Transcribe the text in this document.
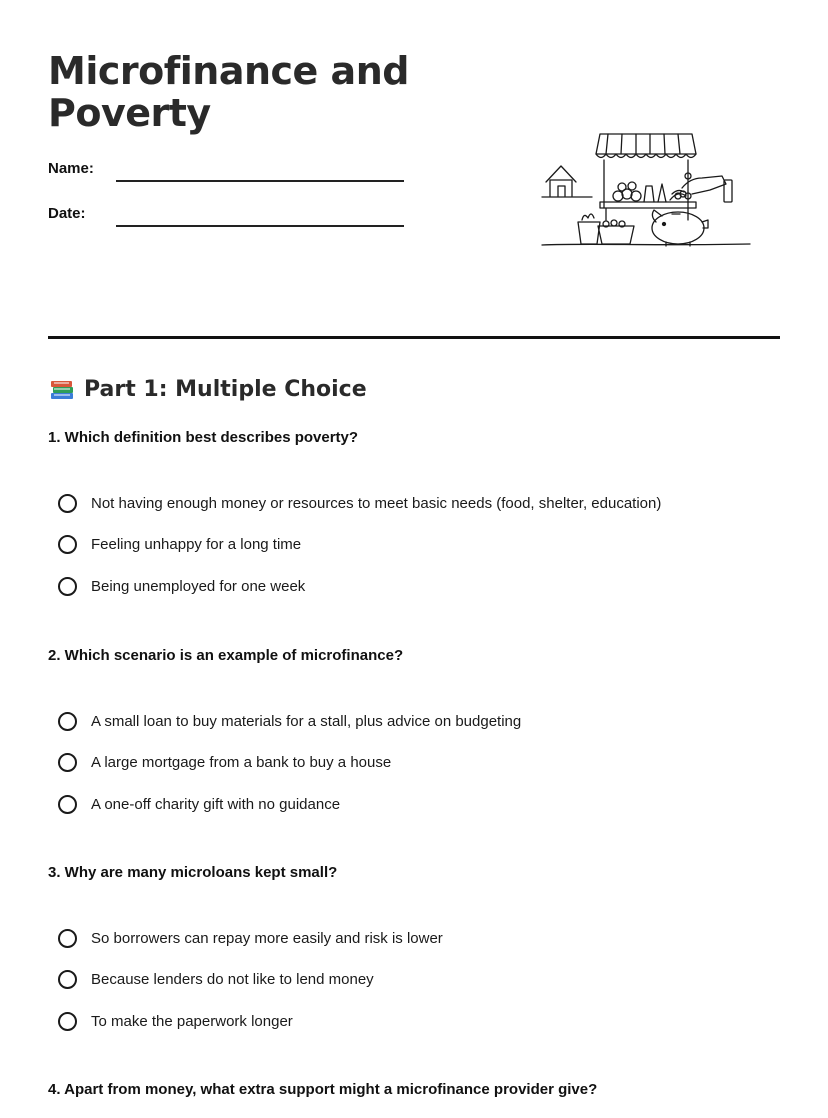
Microfinance and
Poverty
Name:
Date:
Part 1: Multiple Choice
1. Which definition best describes poverty?
Not having enough money or resources to meet basic needs (food, shelter, education)
Feeling unhappy for a long time
Being unemployed for one week
2. Which scenario is an example of microfinance?
A small loan to buy materials for a stall, plus advice on budgeting
A large mortgage from a bank to buy a house
A one-off charity gift with no guidance
3. Why are many microloans kept small?
So borrowers can repay more easily and risk is lower
Because lenders do not like to lend money
To make the paperwork longer
4. Apart from money, what extra support might a microfinance provider give?
